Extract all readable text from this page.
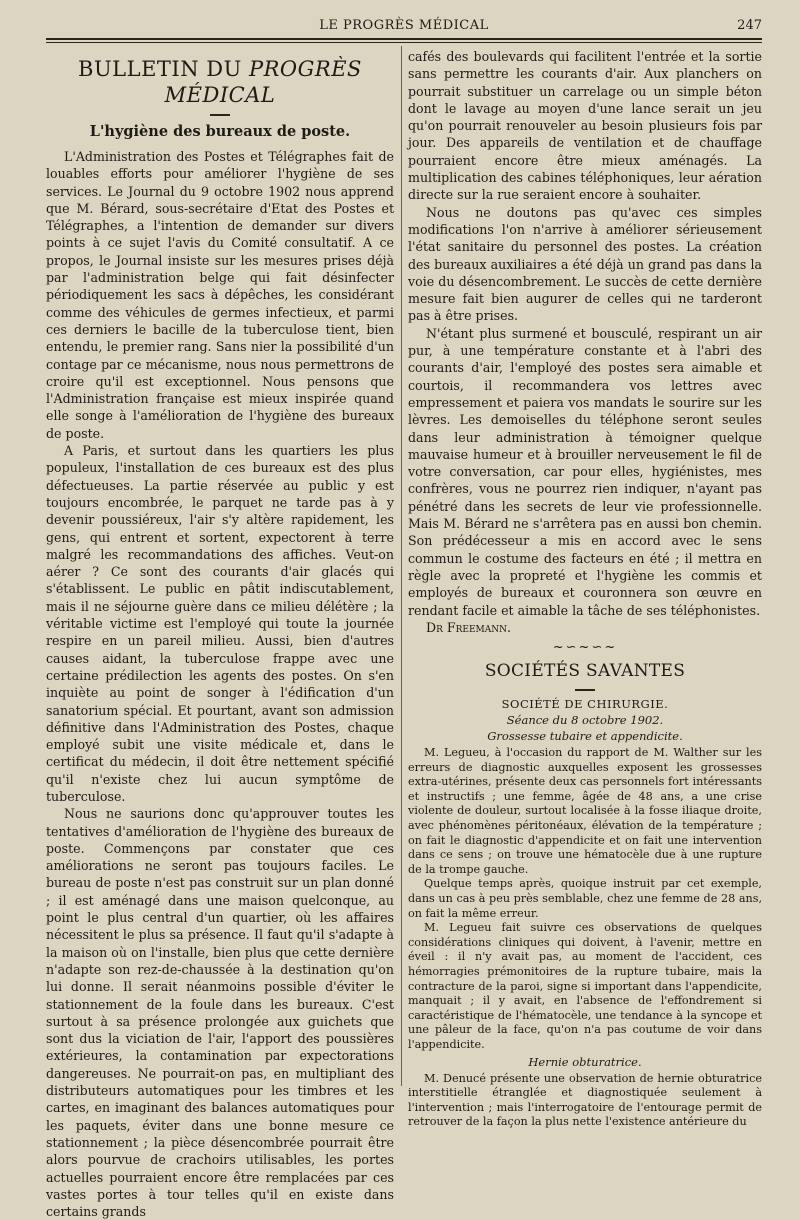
LE PROGRÈS MÉDICAL	247
BULLETIN DU PROGRÈS MÉDICAL
L'hygiène des bureaux de poste.

L'Administration des Postes et Télégraphes fait de louables efforts pour améliorer l'hygiène de ses services. Le Journal du 9 octobre 1902 nous apprend que M. Bérard, sous-secrétaire d'Etat des Postes et Télégraphes, a l'intention de demander sur divers points à ce sujet l'avis du Comité consultatif. A ce propos, le Journal insiste sur les mesures prises déjà par l'administration belge qui fait désinfecter périodiquement les sacs à dépêches, les considérant comme des véhicules de germes infectieux, et parmi ces derniers le bacille de la tuberculose tient, bien entendu, le premier rang. Sans nier la possibilité d'un contage par ce mécanisme, nous nous permettrons de croire qu'il est exceptionnel. Nous pensons que l'Administration française est mieux inspirée quand elle songe à l'amélioration de l'hygiène des bureaux de poste.

A Paris, et surtout dans les quartiers les plus populeux, l'installation de ces bureaux est des plus défectueuses. La partie réservée au public y est toujours encombrée, le parquet ne tarde pas à y devenir poussiéreux, l'air s'y altère rapidement, les gens, qui entrent et sortent, expectorent à terre malgré les recommandations des affiches. Veut-on aérer ? Ce sont des courants d'air glacés qui s'établissent. Le public en pâtit indiscutablement, mais il ne séjourne guère dans ce milieu délétère ; la véritable victime est l'employé qui toute la journée respire en un pareil milieu. Aussi, bien d'autres causes aidant, la tuberculose frappe avec une certaine prédilection les agents des postes. On s'en inquiète au point de songer à l'édification d'un sanatorium spécial. Et pourtant, avant son admission définitive dans l'Administration des Postes, chaque employé subit une visite médicale et, dans le certificat du médecin, il doit être nettement spécifié qu'il n'existe chez lui aucun symptôme de tuberculose.

Nous ne saurions donc qu'approuver toutes les tentatives d'amélioration de l'hygiène des bureaux de poste. Commençons par constater que ces améliorations ne seront pas toujours faciles. Le bureau de poste n'est pas construit sur un plan donné ; il est aménagé dans une maison quelconque, au point le plus central d'un quartier, où les affaires nécessitent le plus sa présence. Il faut qu'il s'adapte à la maison où on l'installe, bien plus que cette dernière n'adapte son rez-de-chaussée à la destination qu'on lui donne. Il serait néanmoins possible d'éviter le stationnement de la foule dans les bureaux. C'est surtout à sa présence prolongée aux guichets que sont dus la viciation de l'air, l'apport des poussières extérieures, la contamination par expectorations dangereuses. Ne pourrait-on pas, en multipliant des distributeurs automatiques pour les timbres et les cartes, en imaginant des balances automatiques pour les paquets, éviter dans une bonne mesure ce stationnement ; la pièce désencombrée pourrait être alors pourvue de crachoirs utilisables, les portes actuelles pourraient encore être remplacées par ces vastes portes à tour telles qu'il en existe dans certains grands

cafés des boulevards qui facilitent l'entrée et la sortie sans permettre les courants d'air. Aux planchers on pourrait substituer un carrelage ou un simple béton dont le lavage au moyen d'une lance serait un jeu qu'on pourrait renouveler au besoin plusieurs fois par jour. Des appareils de ventilation et de chauffage pourraient encore être mieux aménagés. La multiplication des cabines téléphoniques, leur aération directe sur la rue seraient encore à souhaiter.

Nous ne doutons pas qu'avec ces simples modifications l'on n'arrive à améliorer sérieusement l'état sanitaire du personnel des postes. La création des bureaux auxiliaires a été déjà un grand pas dans la voie du désencombrement. Le succès de cette dernière mesure fait bien augurer de celles qui ne tarderont pas à être prises.

N'étant plus surmené et bousculé, respirant un air pur, à une température constante et à l'abri des courants d'air, l'employé des postes sera aimable et courtois, il recommandera vos lettres avec empressement et paiera vos mandats le sourire sur les lèvres. Les demoiselles du téléphone seront seules dans leur administration à témoigner quelque mauvaise humeur et à brouiller nerveusement le fil de votre conversation, car pour elles, hygiénistes, mes confrères, vous ne pourrez rien indiquer, n'ayant pas pénétré dans les secrets de leur vie professionnelle. Mais M. Bérard ne s'arrêtera pas en aussi bon chemin. Son prédécesseur a mis en accord avec le sens commun le costume des facteurs en été ; il mettra en règle avec la propreté et l'hygiène les commis et employés de bureaux et couronnera son œuvre en rendant facile et aimable la tâche de ses téléphonistes.

Dr Freemann.

~∽~∽~
SOCIÉTÉS SAVANTES
SOCIÉTÉ DE CHIRURGIE.
Séance du 8 octobre 1902.
Grossesse tubaire et appendicite.

M. Legueu, à l'occasion du rapport de M. Walther sur les erreurs de diagnostic auxquelles exposent les grossesses extra-utérines, présente deux cas personnels fort intéressants et instructifs ; une femme, âgée de 48 ans, a une crise violente de douleur, surtout localisée à la fosse iliaque droite, avec phénomènes péritonéaux, élévation de la température ; on fait le diagnostic d'appendicite et on fait une intervention dans ce sens ; on trouve une hématocèle due à une rupture de la trompe gauche.

Quelque temps après, quoique instruit par cet exemple, dans un cas à peu près semblable, chez une femme de 28 ans, on fait la même erreur.

M. Legueu fait suivre ces observations de quelques considérations cliniques qui doivent, à l'avenir, mettre en éveil : il n'y avait pas, au moment de l'accident, ces hémorragies prémonitoires de la rupture tubaire, mais la contracture de la paroi, signe si important dans l'appendicite, manquait ; il y avait, en l'absence de l'effondrement si caractéristique de l'hématocèle, une tendance à la syncope et une pâleur de la face, qu'on n'a pas coutume de voir dans l'appendicite.

Hernie obturatrice.

M. Denucé présente une observation de hernie obturatrice interstitielle étranglée et diagnostiquée seulement à l'intervention ; mais l'interrogatoire de l'entourage permit de retrouver de la façon la plus nette l'existence antérieure du
